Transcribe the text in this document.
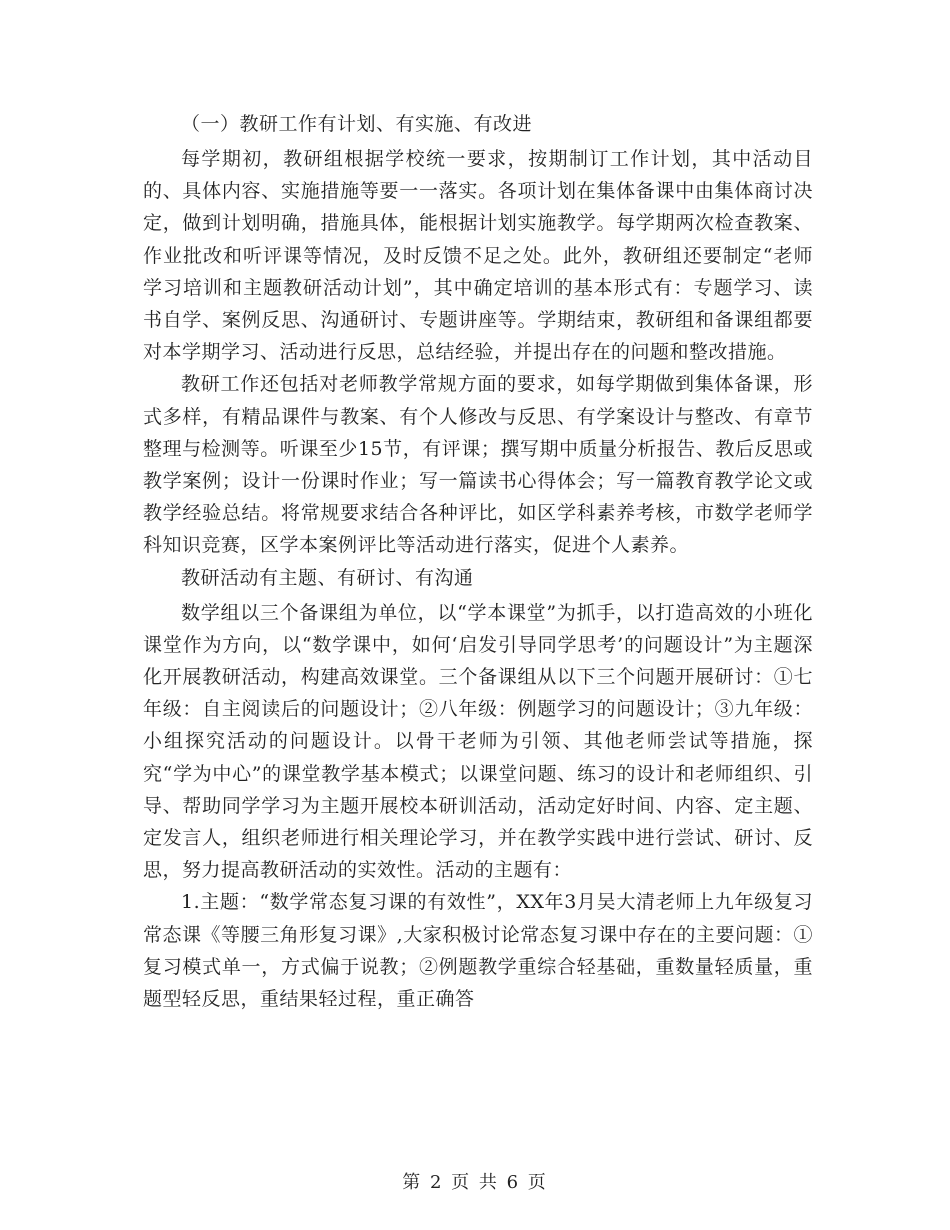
（一）教研工作有计划、有实施、有改进

每学期初，教研组根据学校统一要求，按期制订工作计划，其中活动目的、具体内容、实施措施等要一一落实。各项计划在集体备课中由集体商讨决定，做到计划明确，措施具体，能根据计划实施教学。每学期两次检查教案、作业批改和听评课等情况，及时反馈不足之处。此外，教研组还要制定“老师学习培训和主题教研活动计划”，其中确定培训的基本形式有：专题学习、读书自学、案例反思、沟通研讨、专题讲座等。学期结束，教研组和备课组都要对本学期学习、活动进行反思，总结经验，并提出存在的问题和整改措施。

教研工作还包括对老师教学常规方面的要求，如每学期做到集体备课，形式多样，有精品课件与教案、有个人修改与反思、有学案设计与整改、有章节整理与检测等。听课至少15节，有评课；撰写期中质量分析报告、教后反思或教学案例；设计一份课时作业；写一篇读书心得体会；写一篇教育教学论文或教学经验总结。将常规要求结合各种评比，如区学科素养考核，市数学老师学科知识竞赛，区学本案例评比等活动进行落实，促进个人素养。

教研活动有主题、有研讨、有沟通

数学组以三个备课组为单位，以“学本课堂”为抓手，以打造高效的小班化课堂作为方向，以“数学课中，如何‘启发引导同学思考’的问题设计”为主题深化开展教研活动，构建高效课堂。三个备课组从以下三个问题开展研讨：①七年级：自主阅读后的问题设计；②八年级：例题学习的问题设计；③九年级：小组探究活动的问题设计。以骨干老师为引领、其他老师尝试等措施，探究“学为中心”的课堂教学基本模式；以课堂问题、练习的设计和老师组织、引导、帮助同学学习为主题开展校本研训活动，活动定好时间、内容、定主题、定发言人，组织老师进行相关理论学习，并在教学实践中进行尝试、研讨、反思，努力提高教研活动的实效性。活动的主题有：

1.主题：“数学常态复习课的有效性”，XX年3月吴大清老师上九年级复习常态课《等腰三角形复习课》,大家积极讨论常态复习课中存在的主要问题：①复习模式单一，方式偏于说教；②例题教学重综合轻基础，重数量轻质量，重题型轻反思，重结果轻过程，重正确答

第 2 页 共 6 页
